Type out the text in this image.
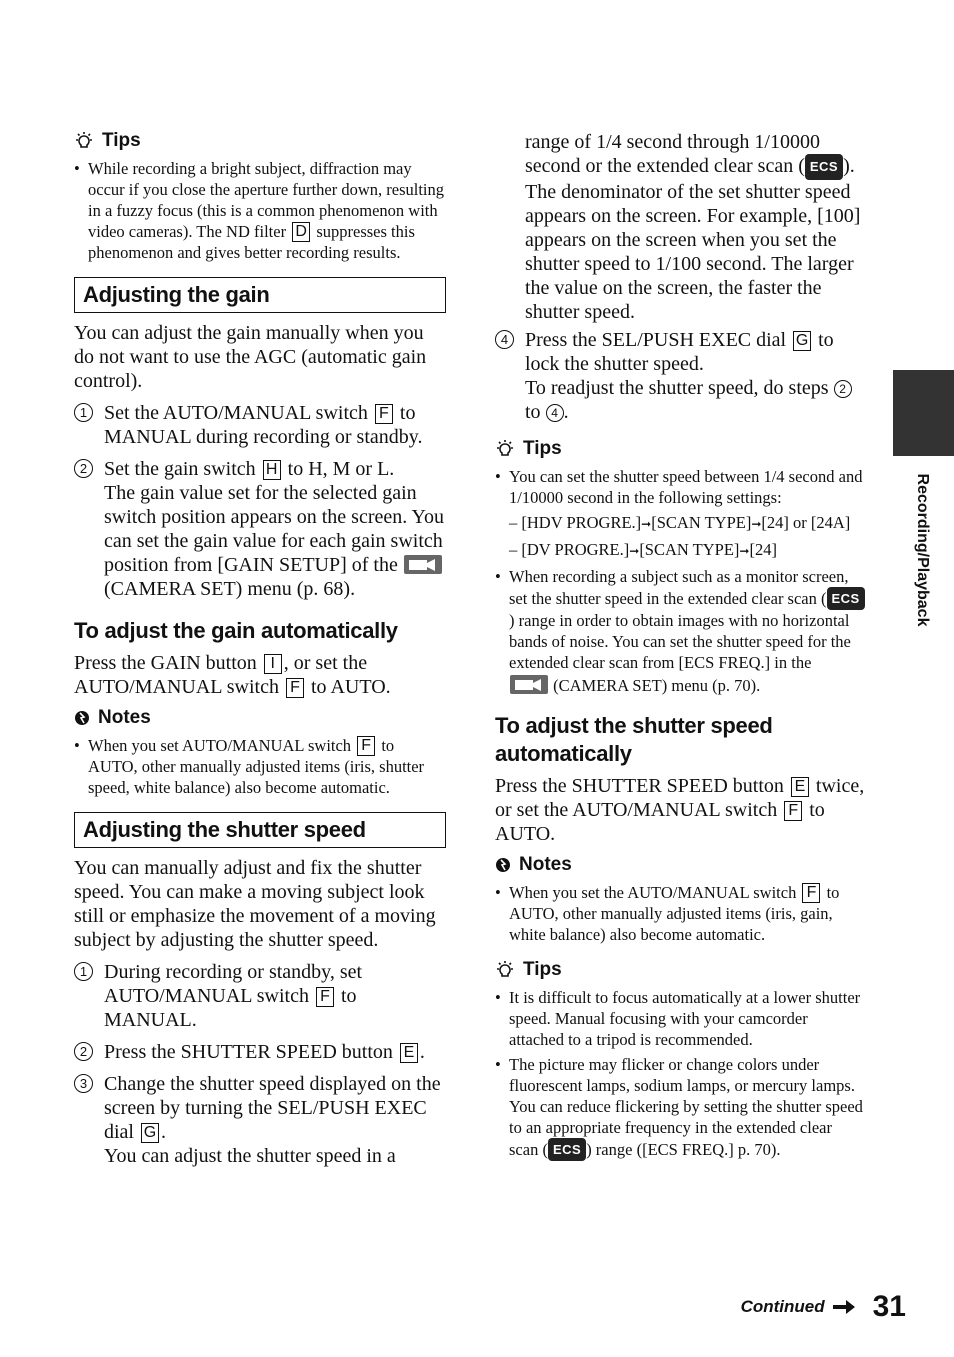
Tips
• While recording a bright subject, diffraction may occur if you close the aperture further down, resulting in a fuzzy focus (this is a common phenomenon with video cameras). The ND filter D suppresses this phenomenon and gives better recording results.
Adjusting the gain

You can adjust the gain manually when you do not want to use the AGC (automatic gain control).

1 Set the AUTO/MANUAL switch F to MANUAL during recording or standby.
2 Set the gain switch H to H, M or L.
The gain value set for the selected gain switch position appears on the screen. You can set the gain value for each gain switch position from [GAIN SETUP] of the  (CAMERA SET) menu (p. 68).
To adjust the gain automatically

Press the GAIN button I , or set the AUTO/MANUAL switch F to AUTO.

Notes
• When you set AUTO/MANUAL switch F to AUTO, other manually adjusted items (iris, shutter speed, white balance) also become automatic.
Adjusting the shutter speed

You can manually adjust and fix the shutter speed. You can make a moving subject look still or emphasize the movement of a moving subject by adjusting the shutter speed.

1 During recording or standby, set AUTO/MANUAL switch F to MANUAL.
2 Press the SHUTTER SPEED button E .
3 Change the shutter speed displayed on the screen by turning the SEL/PUSH EXEC dial G .
You can adjust the shutter speed in a
range of 1/4 second through 1/10000 second or the extended clear scan ( ECS ).
The denominator of the set shutter speed appears on the screen. For example, [100] appears on the screen when you set the shutter speed to 1/100 second. The larger the value on the screen, the faster the shutter speed.
4 Press the SEL/PUSH EXEC dial G to lock the shutter speed.
To readjust the shutter speed, do steps 2 to 4 .
Tips
• You can set the shutter speed between 1/4 second and 1/10000 second in the following settings:
– [HDV PROGRE.]➞[SCAN TYPE]➞[24] or [24A]
– [DV PROGRE.]➞[SCAN TYPE]➞[24]
• When recording a subject such as a monitor screen, set the shutter speed in the extended clear scan ( ECS) range in order to obtain images with no horizontal bands of noise. You can set the shutter speed for the extended clear scan from [ECS FREQ.] in the
(CAMERA SET) menu (p. 70).
To adjust the shutter speed automatically

Press the SHUTTER SPEED button E twice, or set the AUTO/MANUAL switch F to AUTO.

Notes
• When you set the AUTO/MANUAL switch F to AUTO, other manually adjusted items (iris, gain, white balance) also become automatic.
Tips
• It is difficult to focus automatically at a lower shutter speed. Manual focusing with your camcorder attached to a tripod is recommended.
• The picture may flicker or change colors under fluorescent lamps, sodium lamps, or mercury lamps. You can reduce flickering by setting the shutter speed to an appropriate frequency in the extended clear scan ( ECS ) range ([ECS FREQ.] p. 70).
Recording/Playback
Continued 31
